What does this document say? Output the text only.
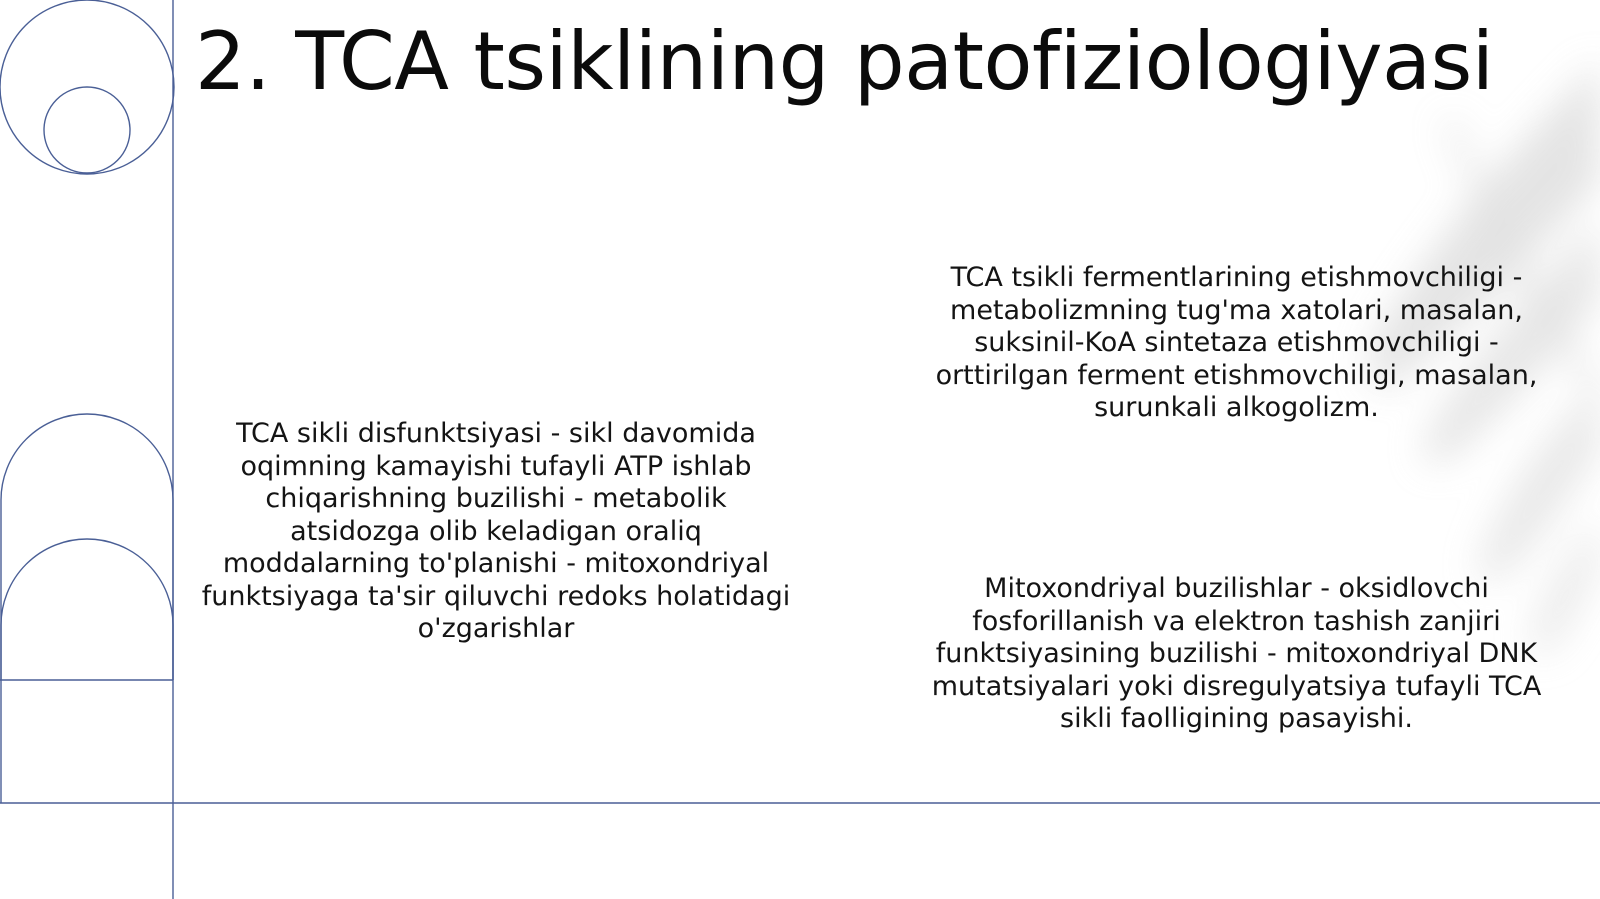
2. TCA tsiklining patofiziologiyasi

TCA sikli disfunktsiyasi - sikl davomida oqimning kamayishi tufayli ATP ishlab chiqarishning buzilishi - metabolik atsidozga olib keladigan oraliq moddalarning to'planishi - mitoxondriyal funktsiyaga ta'sir qiluvchi redoks holatidagi o'zgarishlar

TCA tsikli fermentlarining etishmovchiligi - metabolizmning tug'ma xatolari, masalan, suksinil-KoA sintetaza etishmovchiligi - orttirilgan ferment etishmovchiligi, masalan, surunkali alkogolizm.

Mitoxondriyal buzilishlar - oksidlovchi fosforillanish va elektron tashish zanjiri funktsiyasining buzilishi - mitoxondriyal DNK mutatsiyalari yoki disregulyatsiya tufayli TCA sikli faolligining pasayishi.
